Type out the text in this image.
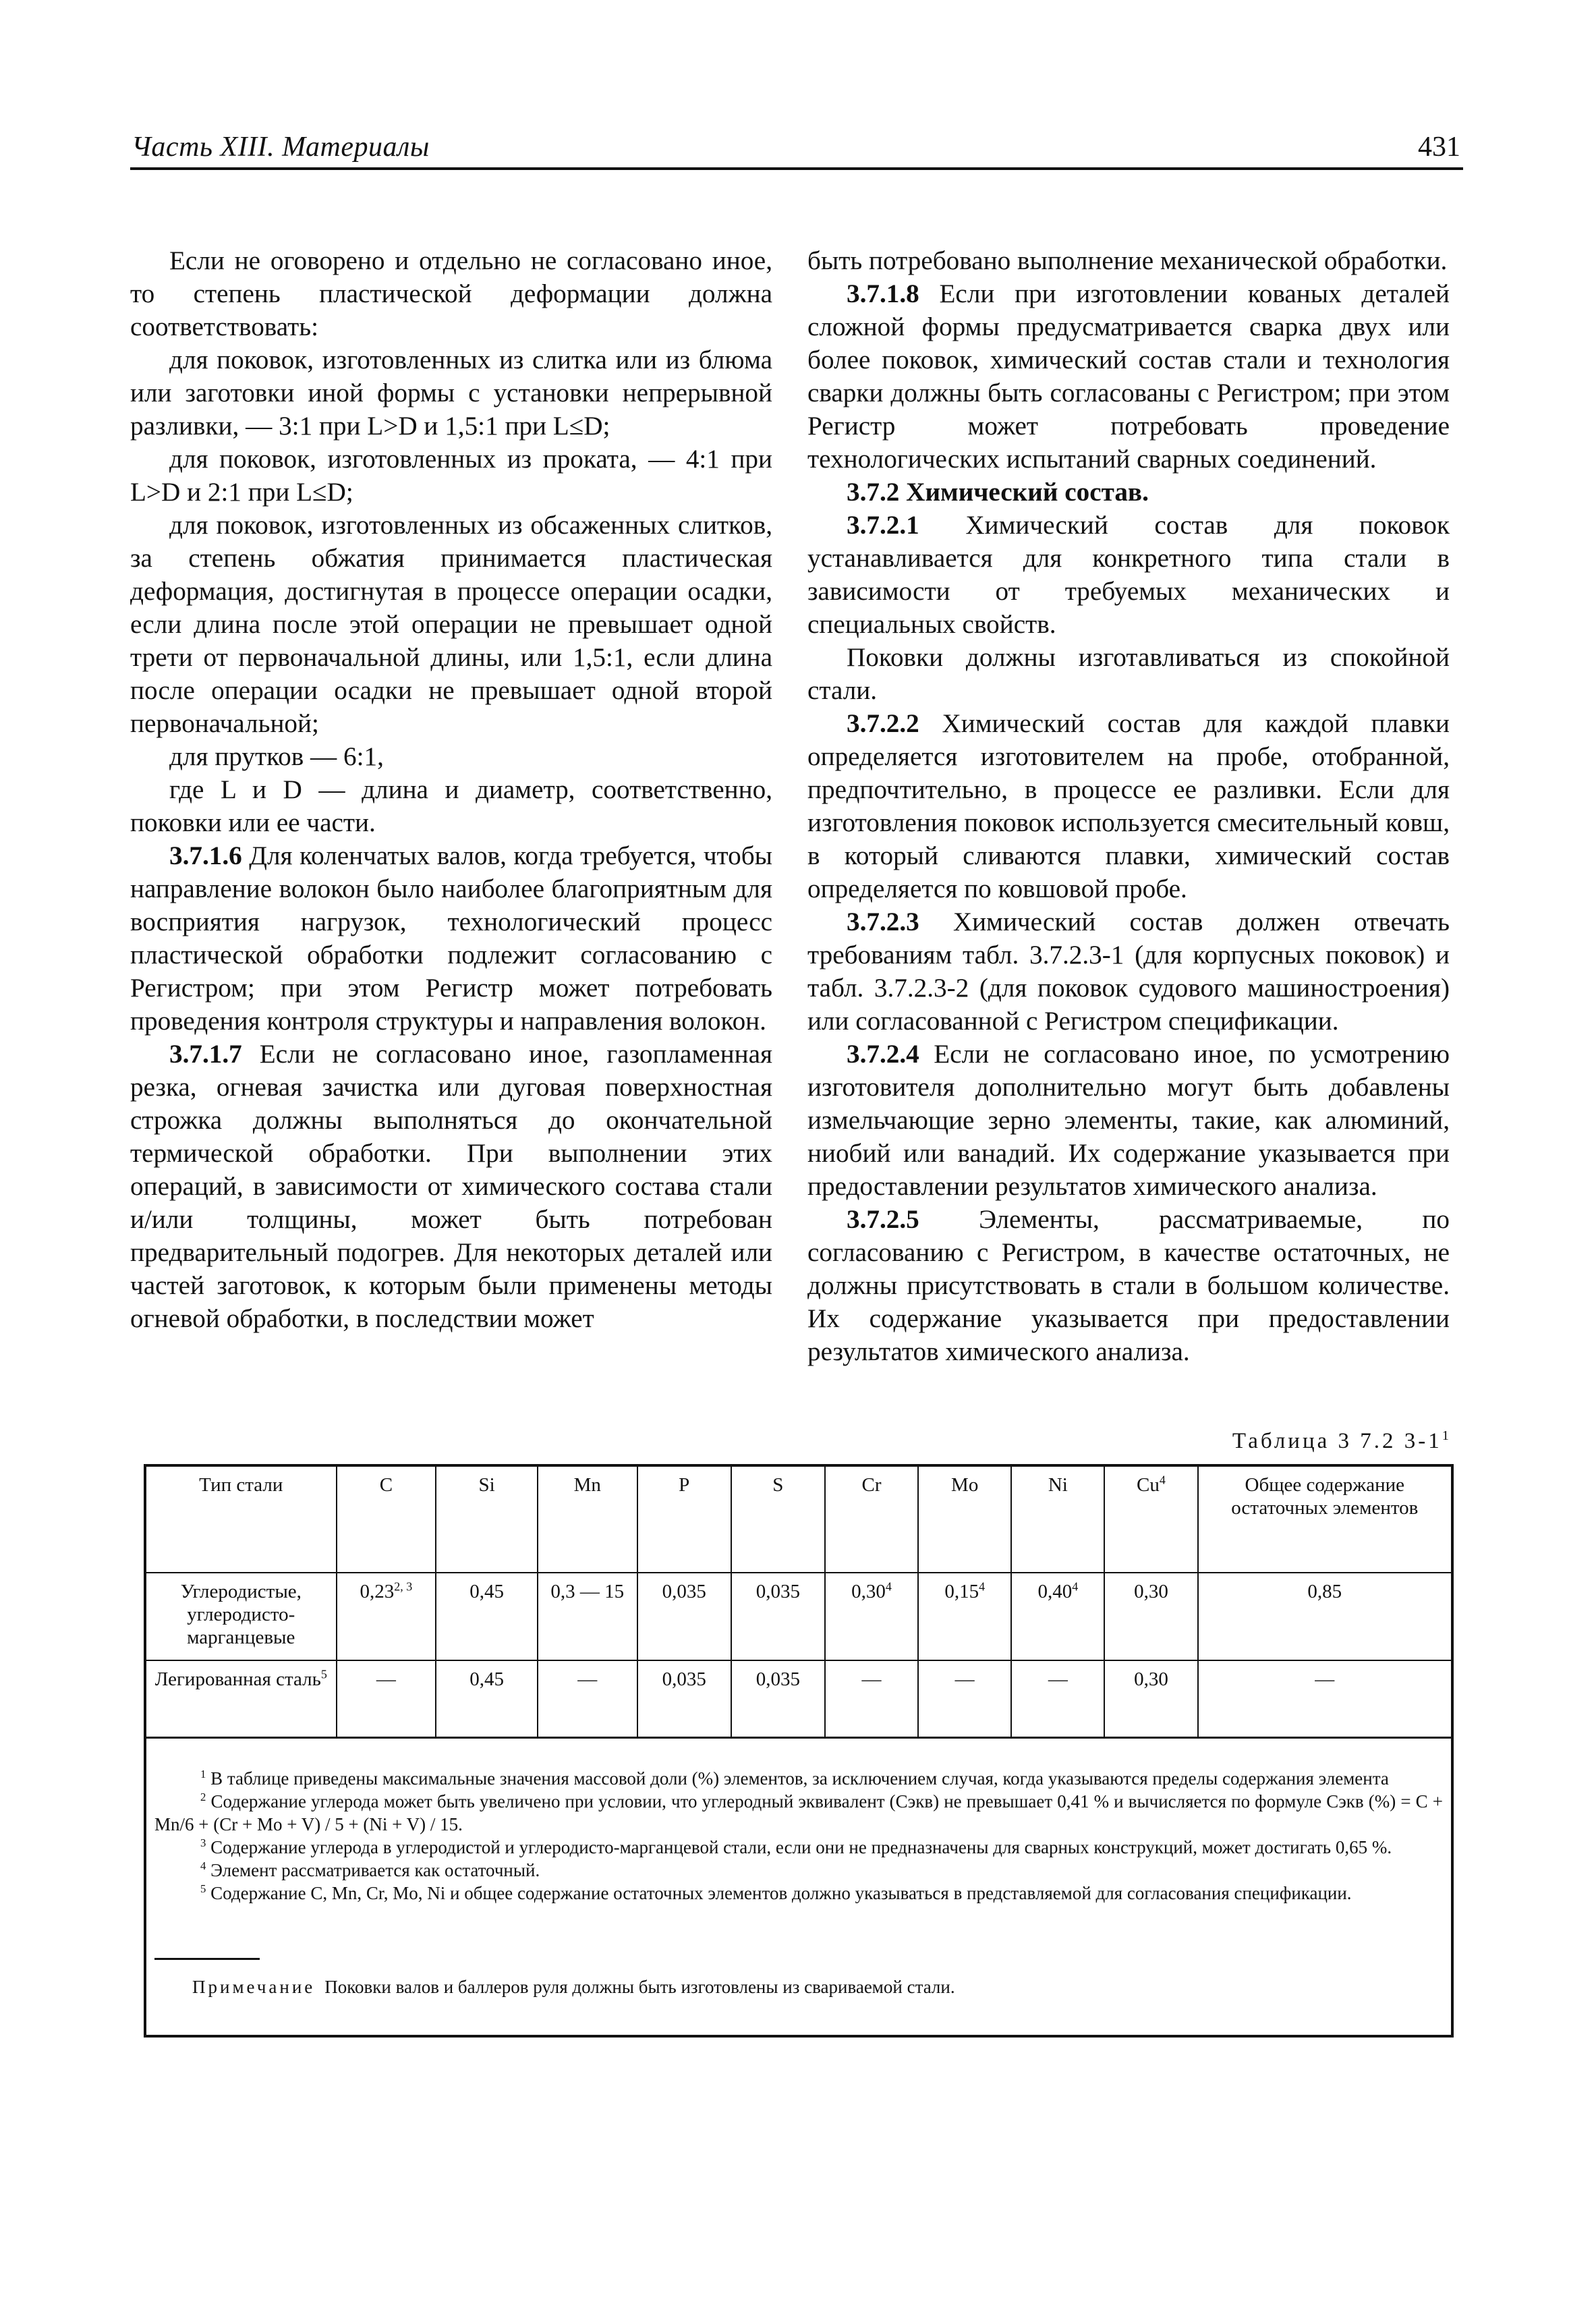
Часть XIII. Материалы	431

Если не оговорено и отдельно не согласовано иное, то степень пластической деформации должна соответствовать:

для поковок, изготовленных из слитка или из блюма или заготовки иной формы с установки непрерывной разливки, — 3:1 при L>D и 1,5:1 при L≤D;

для поковок, изготовленных из проката, — 4:1 при L>D и 2:1 при L≤D;

для поковок, изготовленных из обсаженных слитков, за степень обжатия принимается пластическая деформация, достигнутая в процессе операции осадки, если длина после этой операции не превышает одной трети от первоначальной длины, или 1,5:1, если длина после операции осадки не превышает одной второй первоначальной;

для прутков — 6:1,

где L и D — длина и диаметр, соответственно, поковки или ее части.

3.7.1.6 Для коленчатых валов, когда требуется, чтобы направление волокон было наиболее благоприятным для восприятия нагрузок, технологический процесс пластической обработки подлежит согласованию с Регистром; при этом Регистр может потребовать проведения контроля структуры и направления волокон.

3.7.1.7 Если не согласовано иное, газопламенная резка, огневая зачистка или дуговая поверхностная строжка должны выполняться до окончательной термической обработки. При выполнении этих операций, в зависимости от химического состава стали и/или толщины, может быть потребован предварительный подогрев. Для некоторых деталей или частей заготовок, к которым были применены методы огневой обработки, в последствии может

быть потребовано выполнение механической обработки.

3.7.1.8 Если при изготовлении кованых деталей сложной формы предусматривается сварка двух или более поковок, химический состав стали и технология сварки должны быть согласованы с Регистром; при этом Регистр может потребовать проведение технологических испытаний сварных соединений.

3.7.2 Химический состав.

3.7.2.1 Химический состав для поковок устанавливается для конкретного типа стали в зависимости от требуемых механических и специальных свойств.

Поковки должны изготавливаться из спокойной стали.

3.7.2.2 Химический состав для каждой плавки определяется изготовителем на пробе, отобранной, предпочтительно, в процессе ее разливки. Если для изготовления поковок используется смесительный ковш, в который сливаются плавки, химический состав определяется по ковшовой пробе.

3.7.2.3 Химический состав должен отвечать требованиям табл. 3.7.2.3-1 (для корпусных поковок) и табл. 3.7.2.3-2 (для поковок судового машиностроения) или согласованной с Регистром спецификации.

3.7.2.4 Если не согласовано иное, по усмотрению изготовителя дополнительно могут быть добавлены измельчающие зерно элементы, такие, как алюминий, ниобий или ванадий. Их содержание указывается при предоставлении результатов химического анализа.

3.7.2.5 Элементы, рассматриваемые, по согласованию с Регистром, в качестве остаточных, не должны присутствовать в стали в большом количестве. Их содержание указывается при предоставлении результатов химического анализа.

Таблица 3 7.2 $3-1^1$
Тип стали	C	Si	Mn	P	S	Cr	Mo	Ni	Cu$^4$	Общее содержание остаточных элементов
Углеродистые, углеродисто-марганцевые	0,23$^{2, 3}$	0,45	0,3 — 15	0,035	0,035	0,30$^4$	0,15$^4$	0,40$^4$	0,30	0,85
Легированная сталь$^5$	—	0,45	—	0,035	0,035	—	—	—	0,30	—

$^1$ В таблице приведены максимальные значения массовой доли (%) элементов, за исключением случая, когда указываются пределы содержания элемента

$^2$ Содержание углерода может быть увеличено при условии, что углеродный эквивалент (Cэкв) не превышает 0,41 % и вычисляется по формуле Cэкв (%) = C + Mn/6 + (Cr + Mo + V) / 5 + (Ni + V) / 15.

$^3$ Содержание углерода в углеродистой и углеродисто-марганцевой стали, если они не предназначены для сварных конструкций, может достигать 0,65 %.

$^4$ Элемент рассматривается как остаточный.

$^5$ Содержание C, Mn, Cr, Mo, Ni и общее содержание остаточных элементов должно указываться в представляемой для согласования спецификации.

Примечание Поковки валов и баллеров руля должны быть изготовлены из свариваемой стали.
